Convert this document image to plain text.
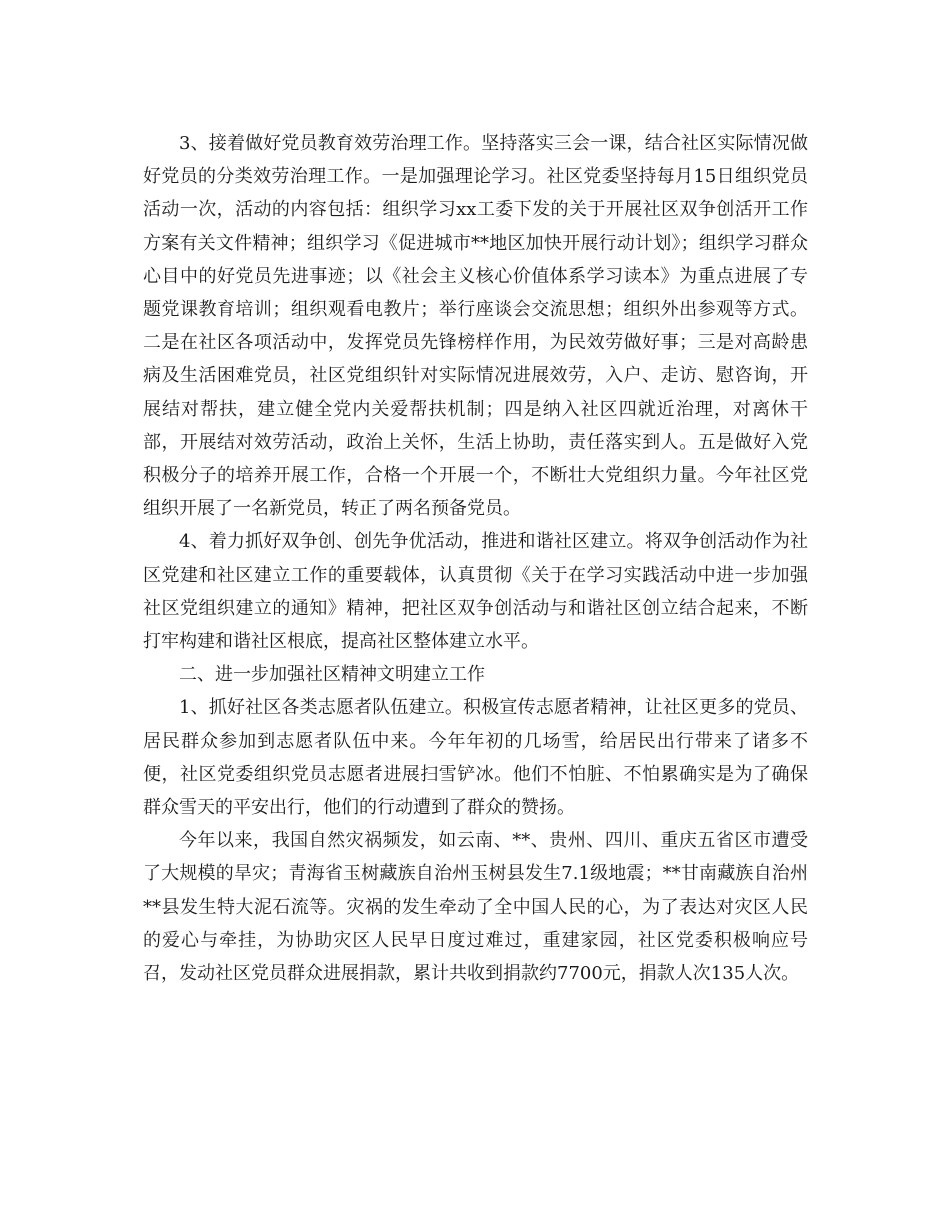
3、接着做好党员教育效劳治理工作。坚持落实三会一课，结合社区实际情况做好党员的分类效劳治理工作。一是加强理论学习。社区党委坚持每月15日组织党员活动一次，活动的内容包括：组织学习xx工委下发的关于开展社区双争创活开工作方案有关文件精神；组织学习《促进城市**地区加快开展行动计划》；组织学习群众心目中的好党员先进事迹；以《社会主义核心价值体系学习读本》为重点进展了专题党课教育培训；组织观看电教片；举行座谈会交流思想；组织外出参观等方式。二是在社区各项活动中，发挥党员先锋榜样作用，为民效劳做好事；三是对高龄患病及生活困难党员，社区党组织针对实际情况进展效劳，入户、走访、慰咨询，开展结对帮扶，建立健全党内关爱帮扶机制；四是纳入社区四就近治理，对离休干部，开展结对效劳活动，政治上关怀，生活上协助，责任落实到人。五是做好入党积极分子的培养开展工作，合格一个开展一个，不断壮大党组织力量。今年社区党组织开展了一名新党员，转正了两名预备党员。

4、着力抓好双争创、创先争优活动，推进和谐社区建立。将双争创活动作为社区党建和社区建立工作的重要载体，认真贯彻《关于在学习实践活动中进一步加强社区党组织建立的通知》精神，把社区双争创活动与和谐社区创立结合起来，不断打牢构建和谐社区根底，提高社区整体建立水平。

二、进一步加强社区精神文明建立工作

1、抓好社区各类志愿者队伍建立。积极宣传志愿者精神，让社区更多的党员、居民群众参加到志愿者队伍中来。今年年初的几场雪，给居民出行带来了诸多不便，社区党委组织党员志愿者进展扫雪铲冰。他们不怕脏、不怕累确实是为了确保群众雪天的平安出行，他们的行动遭到了群众的赞扬。

今年以来，我国自然灾祸频发，如云南、**、贵州、四川、重庆五省区市遭受了大规模的旱灾；青海省玉树藏族自治州玉树县发生7.1级地震；**甘南藏族自治州**县发生特大泥石流等。灾祸的发生牵动了全中国人民的心，为了表达对灾区人民的爱心与牵挂，为协助灾区人民早日度过难过，重建家园，社区党委积极响应号召，发动社区党员群众进展捐款，累计共收到捐款约7700元，捐款人次135人次。
